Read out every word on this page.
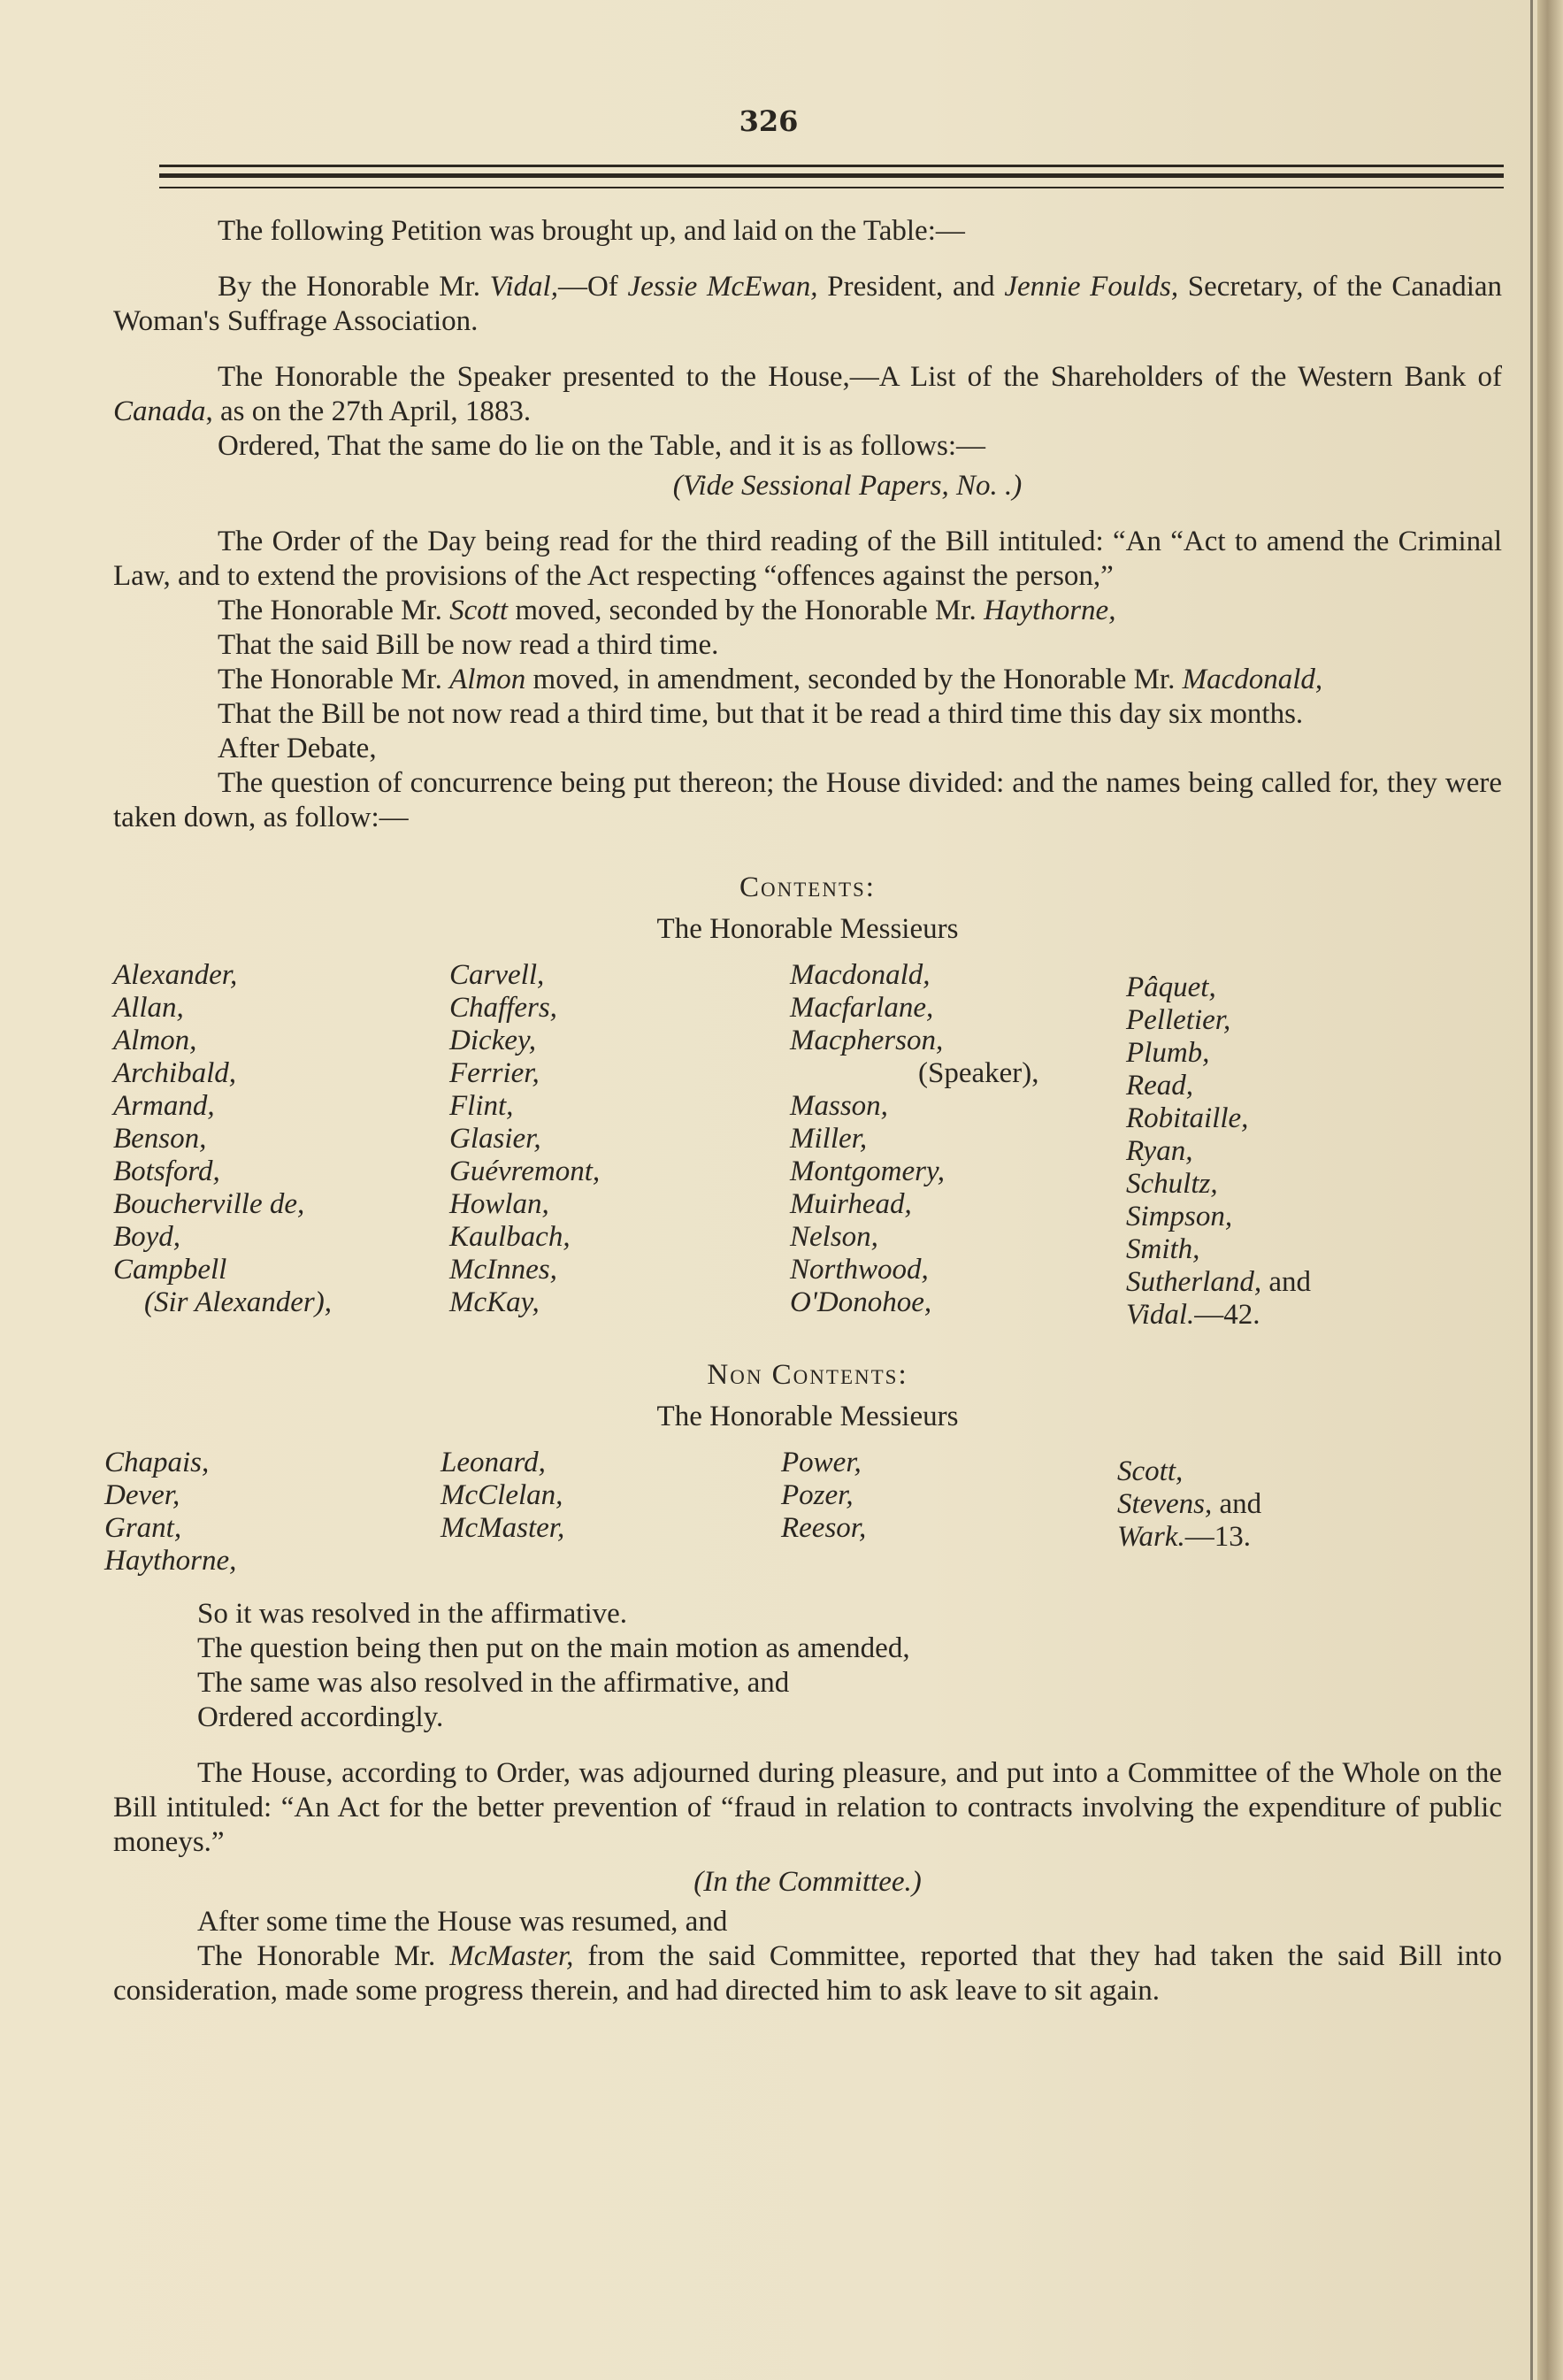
326

The following Petition was brought up, and laid on the Table:—

By the Honorable Mr. Vidal,—Of Jessie McEwan, President, and Jennie Foulds, Secretary, of the Canadian Woman's Suffrage Association.

The Honorable the Speaker presented to the House,—A List of the Shareholders of the Western Bank of Canada, as on the 27th April, 1883.

Ordered, That the same do lie on the Table, and it is as follows:—

(Vide Sessional Papers, No. .)

The Order of the Day being read for the third reading of the Bill intituled: “An “Act to amend the Criminal Law, and to extend the provisions of the Act respecting “offences against the person,”

The Honorable Mr. Scott moved, seconded by the Honorable Mr. Haythorne,

That the said Bill be now read a third time.

The Honorable Mr. Almon moved, in amendment, seconded by the Honorable Mr. Macdonald,

That the Bill be not now read a third time, but that it be read a third time this day six months.

After Debate,

The question of concurrence being put thereon; the House divided: and the names being called for, they were taken down, as follow:—

Contents:
The Honorable Messieurs
Alexander,
Allan,
Almon,
Archibald,
Armand,
Benson,
Botsford,
Boucherville de,
Boyd,
Campbell
(Sir Alexander),
Carvell,
Chaffers,
Dickey,
Ferrier,
Flint,
Glasier,
Guévremont,
Howlan,
Kaulbach,
McInnes,
McKay,
Macdonald,
Macfarlane,
Macpherson,
(Speaker),
Masson,
Miller,
Montgomery,
Muirhead,
Nelson,
Northwood,
O'Donohoe,
Pâquet,
Pelletier,
Plumb,
Read,
Robitaille,
Ryan,
Schultz,
Simpson,
Smith,
Sutherland, and
Vidal.—42.
Non Contents:
The Honorable Messieurs
Chapais,
Dever,
Grant,
Haythorne,
Leonard,
McClelan,
McMaster,
Power,
Pozer,
Reesor,
Scott,
Stevens, and
Wark.—13.

So it was resolved in the affirmative.

The question being then put on the main motion as amended,

The same was also resolved in the affirmative, and

Ordered accordingly.

The House, according to Order, was adjourned during pleasure, and put into a Committee of the Whole on the Bill intituled: “An Act for the better prevention of “fraud in relation to contracts involving the expenditure of public moneys.”

(In the Committee.)

After some time the House was resumed, and

The Honorable Mr. McMaster, from the said Committee, reported that they had taken the said Bill into consideration, made some progress therein, and had directed him to ask leave to sit again.
